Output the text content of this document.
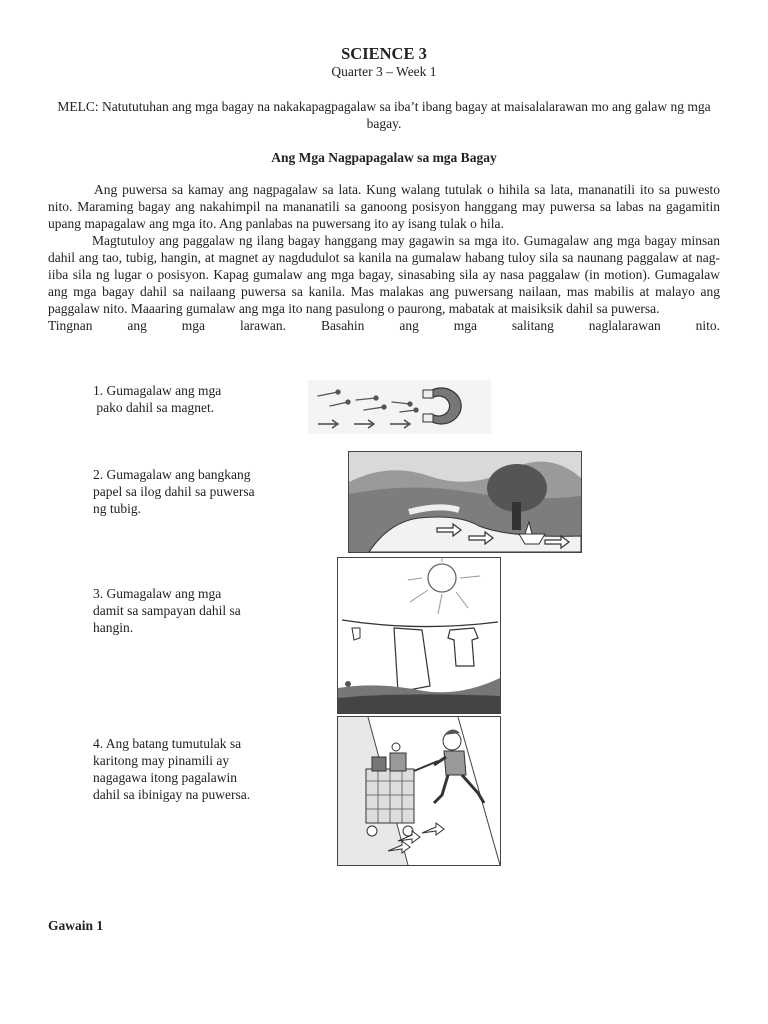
SCIENCE 3
Quarter 3 – Week 1
MELC: Natututuhan ang mga bagay na nakakapagpagalaw sa iba’t ibang bagay at maisalalarawan mo ang galaw ng mga bagay.
Ang Mga Nagpapagalaw sa mga Bagay

Ang puwersa sa kamay ang nagpagalaw sa lata. Kung walang tutulak o hihila sa lata, mananatili ito sa puwesto nito. Maraming bagay ang nakahimpil na mananatili sa ganoong posisyon hanggang may puwersa sa labas na gagamitin upang mapagalaw ang mga ito. Ang panlabas na puwersang ito ay isang tulak o hila.

Magtutuloy ang paggalaw ng ilang bagay hanggang may gagawin sa mga ito. Gumagalaw ang mga bagay minsan dahil ang tao, tubig, hangin, at magnet ay nagdudulot sa kanila na gumalaw habang tuloy sila sa naunang paggalaw at nag-iiba sila ng lugar o posisyon. Kapag gumalaw ang mga bagay, sinasabing sila ay nasa paggalaw (in motion). Gumagalaw ang mga bagay dahil sa nailaang puwersa sa kanila. Mas malakas ang puwersang nailaan, mas mabilis at malayo ang paggalaw nito. Maaaring gumalaw ang mga ito nang pasulong o paurong, mabatak at maisiksik dahil sa puwersa.

Tingnan	ang	mga	larawan.	Basahin	ang	mga	salitang	naglalarawan	nito.

1. Gumagalaw ang mga
pako dahil sa magnet.
2. Gumagalaw ang bangkang
papel sa ilog dahil sa puwersa
ng tubig.
3. Gumagalaw ang mga
damit sa sampayan dahil sa
hangin.
4. Ang batang tumutulak sa
karitong may pinamili ay
nagagawa itong pagalawin
dahil sa ibinigay na puwersa.
Gawain 1
